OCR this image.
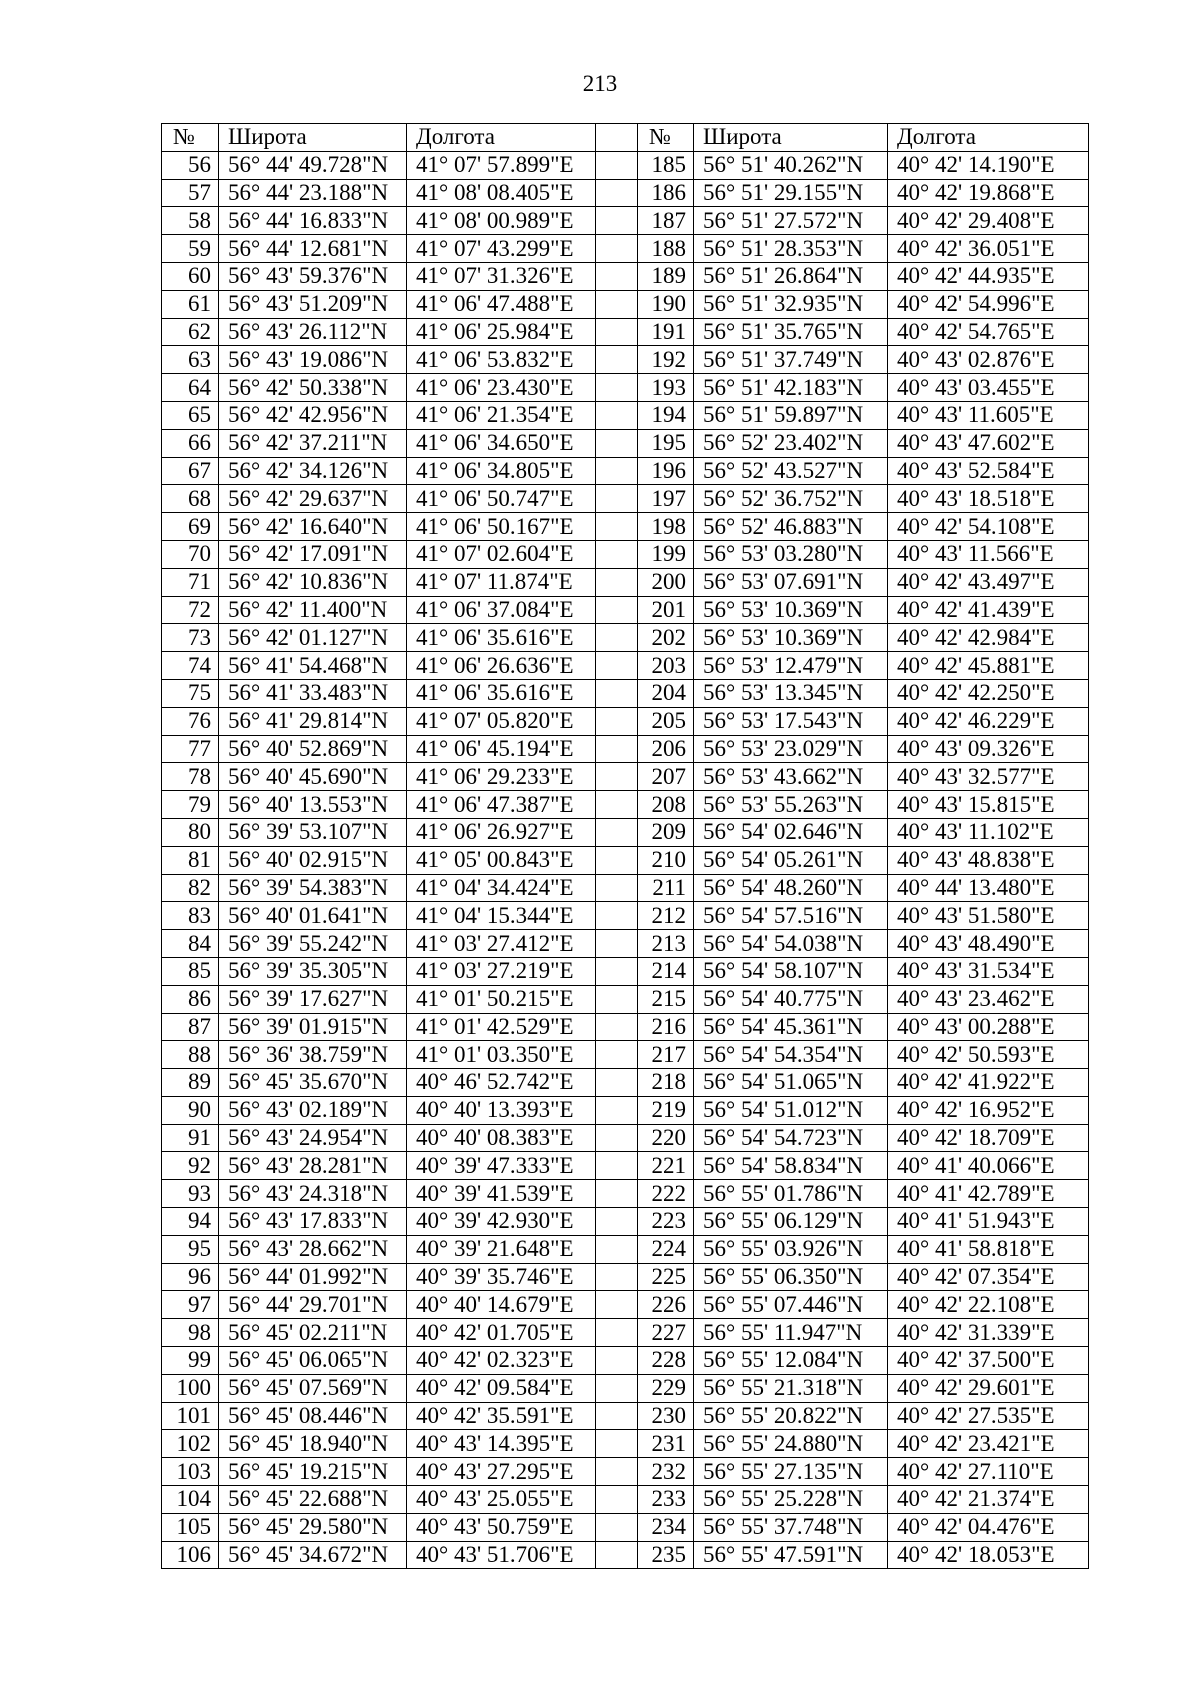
213
№	Широта	Долгота		№	Широта	Долгота
56	56° 44' 49.728"N	41° 07' 57.899"E		185	56° 51' 40.262"N	40° 42' 14.190"E
57	56° 44' 23.188"N	41° 08' 08.405"E		186	56° 51' 29.155"N	40° 42' 19.868"E
58	56° 44' 16.833"N	41° 08' 00.989"E		187	56° 51' 27.572"N	40° 42' 29.408"E
59	56° 44' 12.681"N	41° 07' 43.299"E		188	56° 51' 28.353"N	40° 42' 36.051"E
60	56° 43' 59.376"N	41° 07' 31.326"E		189	56° 51' 26.864"N	40° 42' 44.935"E
61	56° 43' 51.209"N	41° 06' 47.488"E		190	56° 51' 32.935"N	40° 42' 54.996"E
62	56° 43' 26.112"N	41° 06' 25.984"E		191	56° 51' 35.765"N	40° 42' 54.765"E
63	56° 43' 19.086"N	41° 06' 53.832"E		192	56° 51' 37.749"N	40° 43' 02.876"E
64	56° 42' 50.338"N	41° 06' 23.430"E		193	56° 51' 42.183"N	40° 43' 03.455"E
65	56° 42' 42.956"N	41° 06' 21.354"E		194	56° 51' 59.897"N	40° 43' 11.605"E
66	56° 42' 37.211"N	41° 06' 34.650"E		195	56° 52' 23.402"N	40° 43' 47.602"E
67	56° 42' 34.126"N	41° 06' 34.805"E		196	56° 52' 43.527"N	40° 43' 52.584"E
68	56° 42' 29.637"N	41° 06' 50.747"E		197	56° 52' 36.752"N	40° 43' 18.518"E
69	56° 42' 16.640"N	41° 06' 50.167"E		198	56° 52' 46.883"N	40° 42' 54.108"E
70	56° 42' 17.091"N	41° 07' 02.604"E		199	56° 53' 03.280"N	40° 43' 11.566"E
71	56° 42' 10.836"N	41° 07' 11.874"E		200	56° 53' 07.691"N	40° 42' 43.497"E
72	56° 42' 11.400"N	41° 06' 37.084"E		201	56° 53' 10.369"N	40° 42' 41.439"E
73	56° 42' 01.127"N	41° 06' 35.616"E		202	56° 53' 10.369"N	40° 42' 42.984"E
74	56° 41' 54.468"N	41° 06' 26.636"E		203	56° 53' 12.479"N	40° 42' 45.881"E
75	56° 41' 33.483"N	41° 06' 35.616"E		204	56° 53' 13.345"N	40° 42' 42.250"E
76	56° 41' 29.814"N	41° 07' 05.820"E		205	56° 53' 17.543"N	40° 42' 46.229"E
77	56° 40' 52.869"N	41° 06' 45.194"E		206	56° 53' 23.029"N	40° 43' 09.326"E
78	56° 40' 45.690"N	41° 06' 29.233"E		207	56° 53' 43.662"N	40° 43' 32.577"E
79	56° 40' 13.553"N	41° 06' 47.387"E		208	56° 53' 55.263"N	40° 43' 15.815"E
80	56° 39' 53.107"N	41° 06' 26.927"E		209	56° 54' 02.646"N	40° 43' 11.102"E
81	56° 40' 02.915"N	41° 05' 00.843"E		210	56° 54' 05.261"N	40° 43' 48.838"E
82	56° 39' 54.383"N	41° 04' 34.424"E		211	56° 54' 48.260"N	40° 44' 13.480"E
83	56° 40' 01.641"N	41° 04' 15.344"E		212	56° 54' 57.516"N	40° 43' 51.580"E
84	56° 39' 55.242"N	41° 03' 27.412"E		213	56° 54' 54.038"N	40° 43' 48.490"E
85	56° 39' 35.305"N	41° 03' 27.219"E		214	56° 54' 58.107"N	40° 43' 31.534"E
86	56° 39' 17.627"N	41° 01' 50.215"E		215	56° 54' 40.775"N	40° 43' 23.462"E
87	56° 39' 01.915"N	41° 01' 42.529"E		216	56° 54' 45.361"N	40° 43' 00.288"E
88	56° 36' 38.759"N	41° 01' 03.350"E		217	56° 54' 54.354"N	40° 42' 50.593"E
89	56° 45' 35.670"N	40° 46' 52.742"E		218	56° 54' 51.065"N	40° 42' 41.922"E
90	56° 43' 02.189"N	40° 40' 13.393"E		219	56° 54' 51.012"N	40° 42' 16.952"E
91	56° 43' 24.954"N	40° 40' 08.383"E		220	56° 54' 54.723"N	40° 42' 18.709"E
92	56° 43' 28.281"N	40° 39' 47.333"E		221	56° 54' 58.834"N	40° 41' 40.066"E
93	56° 43' 24.318"N	40° 39' 41.539"E		222	56° 55' 01.786"N	40° 41' 42.789"E
94	56° 43' 17.833"N	40° 39' 42.930"E		223	56° 55' 06.129"N	40° 41' 51.943"E
95	56° 43' 28.662"N	40° 39' 21.648"E		224	56° 55' 03.926"N	40° 41' 58.818"E
96	56° 44' 01.992"N	40° 39' 35.746"E		225	56° 55' 06.350"N	40° 42' 07.354"E
97	56° 44' 29.701"N	40° 40' 14.679"E		226	56° 55' 07.446"N	40° 42' 22.108"E
98	56° 45' 02.211"N	40° 42' 01.705"E		227	56° 55' 11.947"N	40° 42' 31.339"E
99	56° 45' 06.065"N	40° 42' 02.323"E		228	56° 55' 12.084"N	40° 42' 37.500"E
100	56° 45' 07.569"N	40° 42' 09.584"E		229	56° 55' 21.318"N	40° 42' 29.601"E
101	56° 45' 08.446"N	40° 42' 35.591"E		230	56° 55' 20.822"N	40° 42' 27.535"E
102	56° 45' 18.940"N	40° 43' 14.395"E		231	56° 55' 24.880"N	40° 42' 23.421"E
103	56° 45' 19.215"N	40° 43' 27.295"E		232	56° 55' 27.135"N	40° 42' 27.110"E
104	56° 45' 22.688"N	40° 43' 25.055"E		233	56° 55' 25.228"N	40° 42' 21.374"E
105	56° 45' 29.580"N	40° 43' 50.759"E		234	56° 55' 37.748"N	40° 42' 04.476"E
106	56° 45' 34.672"N	40° 43' 51.706"E		235	56° 55' 47.591"N	40° 42' 18.053"E
